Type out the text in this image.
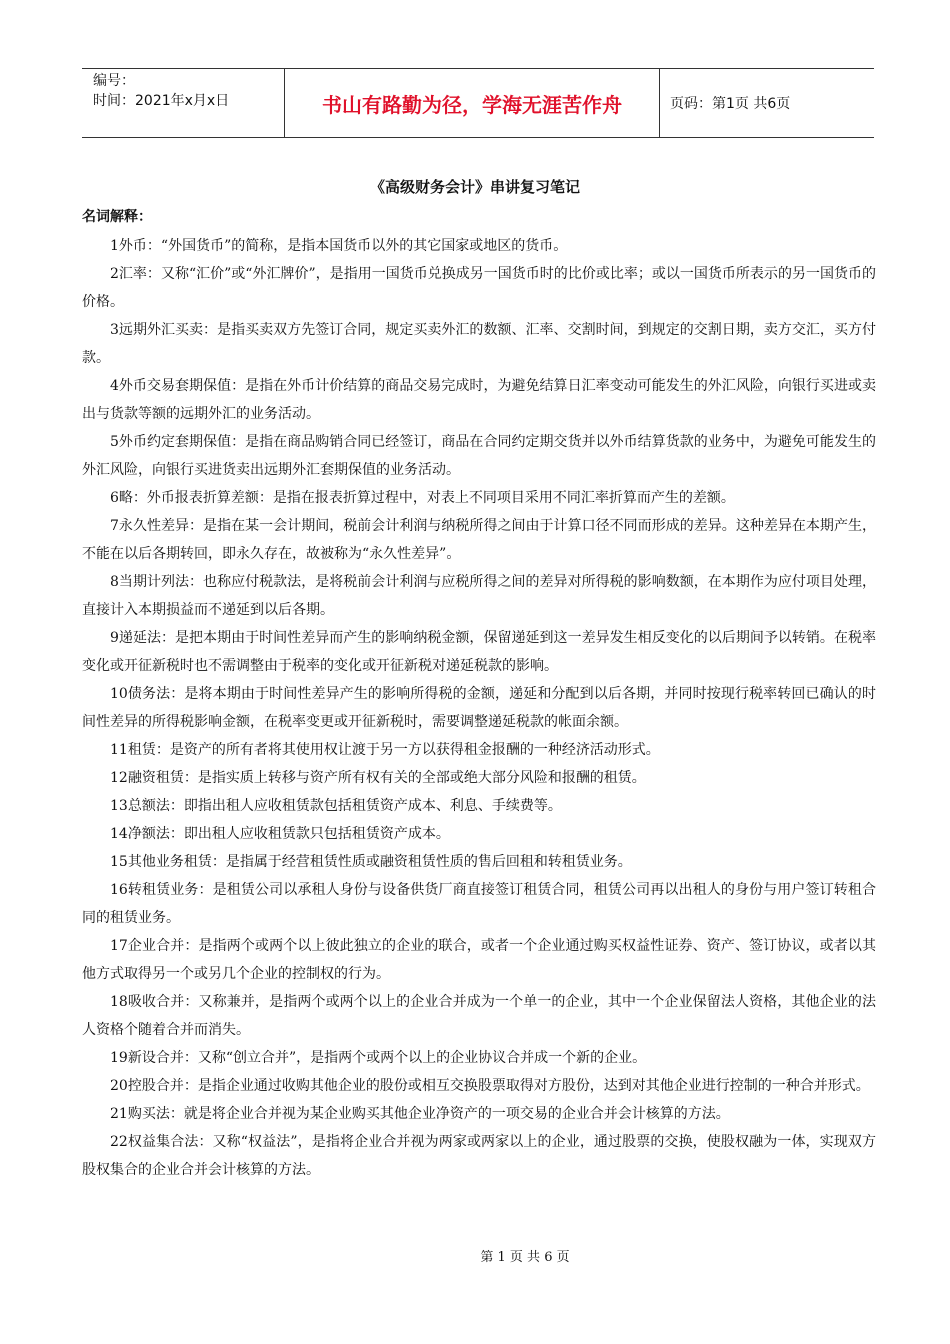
编号：
时间：2021年x月x日	书山有路勤为径，学海无涯苦作舟	页码：第1页 共6页
《高级财务会计》串讲复习笔记
名词解释：

1外币：“外国货币”的简称，是指本国货币以外的其它国家或地区的货币。

2汇率：又称“汇价”或“外汇牌价”，是指用一国货币兑换成另一国货币时的比价或比率；或以一国货币所表示的另一国货币的价格。

3远期外汇买卖：是指买卖双方先签订合同，规定买卖外汇的数额、汇率、交割时间，到规定的交割日期，卖方交汇，买方付款。

4外币交易套期保值：是指在外币计价结算的商品交易完成时，为避免结算日汇率变动可能发生的外汇风险，向银行买进或卖出与货款等额的远期外汇的业务活动。

5外币约定套期保值：是指在商品购销合同已经签订，商品在合同约定期交货并以外币结算货款的业务中，为避免可能发生的外汇风险，向银行买进货卖出远期外汇套期保值的业务活动。

6略：外币报表折算差额：是指在报表折算过程中，对表上不同项目采用不同汇率折算而产生的差额。

7永久性差异：是指在某一会计期间，税前会计利润与纳税所得之间由于计算口径不同而形成的差异。这种差异在本期产生，不能在以后各期转回，即永久存在，故被称为“永久性差异”。

8当期计列法：也称应付税款法，是将税前会计利润与应税所得之间的差异对所得税的影响数额，在本期作为应付项目处理，直接计入本期损益而不递延到以后各期。

9递延法：是把本期由于时间性差异而产生的影响纳税金额，保留递延到这一差异发生相反变化的以后期间予以转销。在税率变化或开征新税时也不需调整由于税率的变化或开征新税对递延税款的影响。

10债务法：是将本期由于时间性差异产生的影响所得税的金额，递延和分配到以后各期，并同时按现行税率转回已确认的时间性差异的所得税影响金额，在税率变更或开征新税时，需要调整递延税款的帐面余额。

11租赁：是资产的所有者将其使用权让渡于另一方以获得租金报酬的一种经济活动形式。

12融资租赁：是指实质上转移与资产所有权有关的全部或绝大部分风险和报酬的租赁。

13总额法：即指出租人应收租赁款包括租赁资产成本、利息、手续费等。

14净额法：即出租人应收租赁款只包括租赁资产成本。

15其他业务租赁：是指属于经营租赁性质或融资租赁性质的售后回租和转租赁业务。

16转租赁业务：是租赁公司以承租人身份与设备供货厂商直接签订租赁合同，租赁公司再以出租人的身份与用户签订转租合同的租赁业务。

17企业合并：是指两个或两个以上彼此独立的企业的联合，或者一个企业通过购买权益性证券、资产、签订协议，或者以其他方式取得另一个或另几个企业的控制权的行为。

18吸收合并：又称兼并，是指两个或两个以上的企业合并成为一个单一的企业，其中一个企业保留法人资格，其他企业的法人资格个随着合并而消失。

19新设合并：又称“创立合并”，是指两个或两个以上的企业协议合并成一个新的企业。

20控股合并：是指企业通过收购其他企业的股份或相互交换股票取得对方股份，达到对其他企业进行控制的一种合并形式。

21购买法：就是将企业合并视为某企业购买其他企业净资产的一项交易的企业合并会计核算的方法。

22权益集合法：又称“权益法”，是指将企业合并视为两家或两家以上的企业，通过股票的交换，使股权融为一体，实现双方股权集合的企业合并会计核算的方法。

第 1 页 共 6 页
